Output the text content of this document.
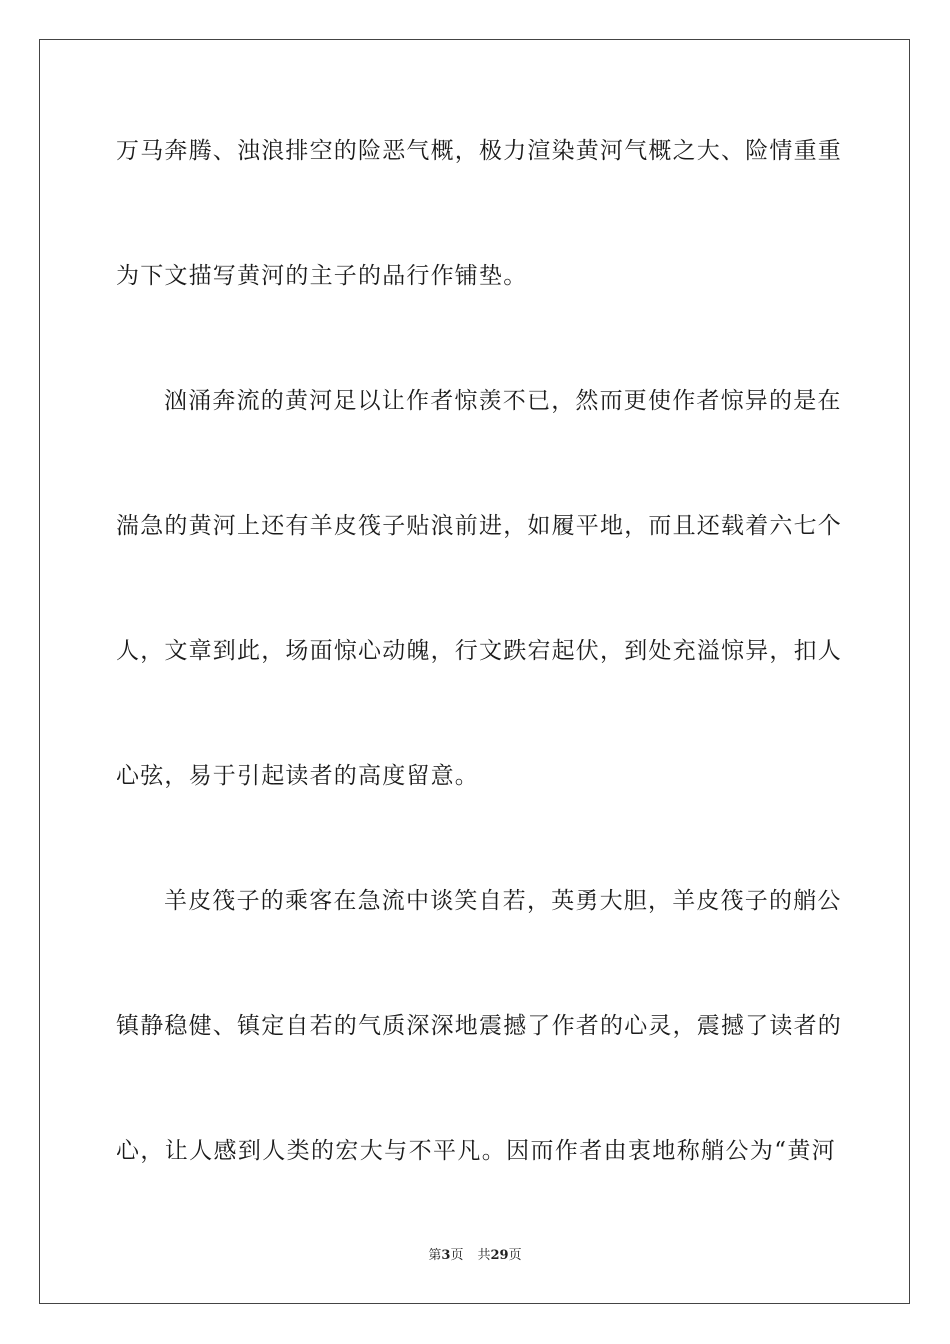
万马奔腾、浊浪排空的险恶气概，极力渲染黄河气概之大、险情重重
为下文描写黄河的主子的品行作铺垫。
汹涌奔流的黄河足以让作者惊羡不已，然而更使作者惊异的是在
湍急的黄河上还有羊皮筏子贴浪前进，如履平地，而且还载着六七个
人，文章到此，场面惊心动魄，行文跌宕起伏，到处充溢惊异，扣人
心弦，易于引起读者的高度留意。
羊皮筏子的乘客在急流中谈笑自若，英勇大胆，羊皮筏子的艄公
镇静稳健、镇定自若的气质深深地震撼了作者的心灵，震撼了读者的
心，让人感到人类的宏大与不平凡。因而作者由衷地称艄公为“黄河
第3页 共29页
